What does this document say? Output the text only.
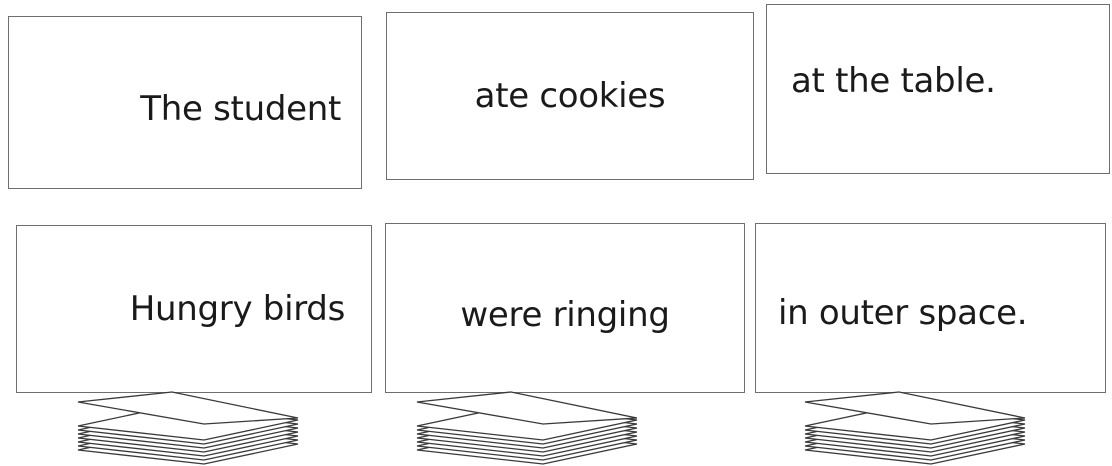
The student	ate cookies	at the table.
Hungry birds	were ringing	in outer space.
